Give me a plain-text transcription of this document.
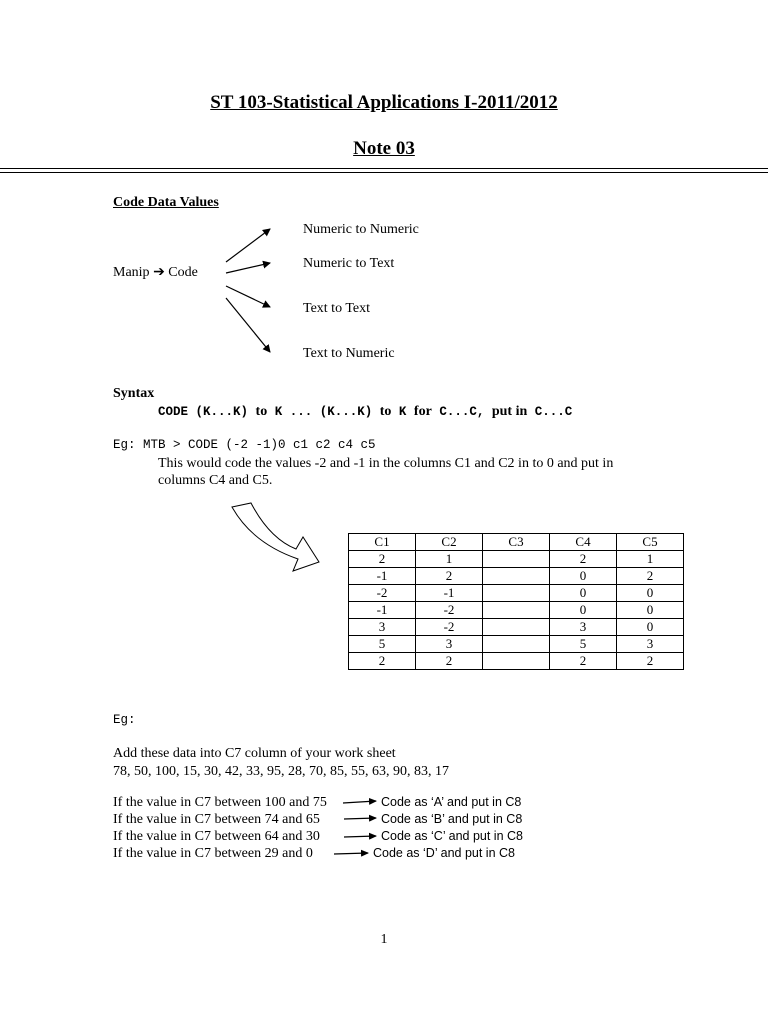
ST 103-Statistical Applications I-2011/2012
Note 03
Code Data Values
Manip ➔ Code
Numeric to Numeric
Numeric to Text
Text to Text
Text to Numeric
Syntax
CODE (K...K) to K ... (K...K) to K for C...C, put in C...C
Eg: MTB > CODE (-2 -1)0 c1 c2 c4 c5
This would code the values -2 and -1 in the columns C1 and C2 in to 0 and put in
columns C4 and C5.
C1	C2	C3	C4	C5
2	1		2	1
-1	2		0	2
-2	-1		0	0
-1	-2		0	0
3	-2		3	0
5	3		5	3
2	2		2	2
Eg:
Add these data into C7 column of your work sheet
78, 50, 100, 15, 30, 42, 33, 95, 28, 70, 85, 55, 63, 90, 83, 17
If the value in C7 between 100 and 75	Code as ‘A’ and put in C8
If the value in C7 between 74 and 65	Code as ‘B’ and put in C8
If the value in C7 between 64 and 30	Code as ‘C’ and put in C8
If the value in C7 between 29 and 0	Code as ‘D’ and put in C8
1
